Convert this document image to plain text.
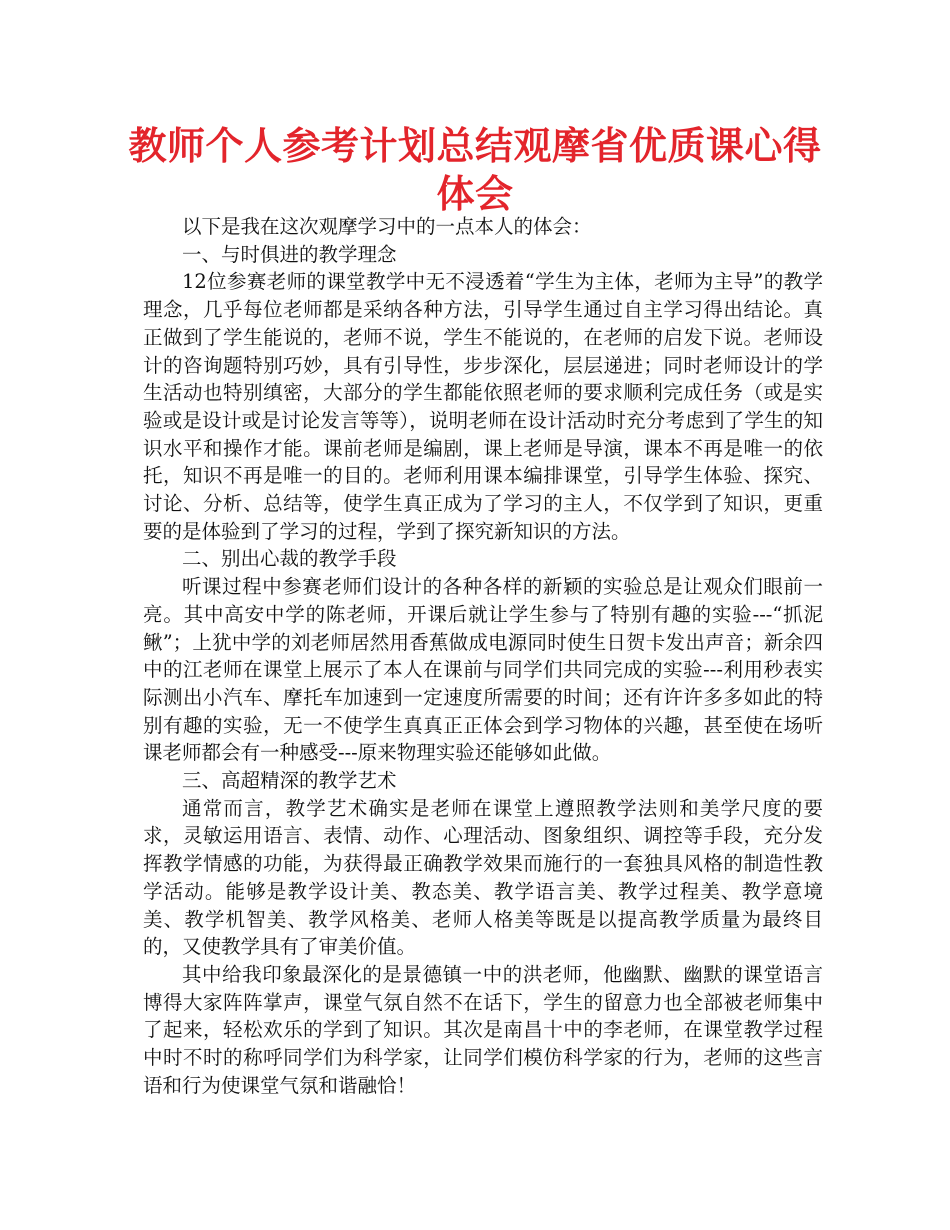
教师个人参考计划总结观摩省优质课心得体会

以下是我在这次观摩学习中的一点本人的体会：

一、与时俱进的教学理念

12位参赛老师的课堂教学中无不浸透着“学生为主体，老师为主导”的教学理念，几乎每位老师都是采纳各种方法，引导学生通过自主学习得出结论。真正做到了学生能说的，老师不说，学生不能说的，在老师的启发下说。老师设计的咨询题特别巧妙，具有引导性，步步深化，层层递进；同时老师设计的学生活动也特别缜密，大部分的学生都能依照老师的要求顺利完成任务（或是实验或是设计或是讨论发言等等），说明老师在设计活动时充分考虑到了学生的知识水平和操作才能。课前老师是编剧，课上老师是导演，课本不再是唯一的依托，知识不再是唯一的目的。老师利用课本编排课堂，引导学生体验、探究、讨论、分析、总结等，使学生真正成为了学习的主人，不仅学到了知识，更重要的是体验到了学习的过程，学到了探究新知识的方法。

二、别出心裁的教学手段

听课过程中参赛老师们设计的各种各样的新颖的实验总是让观众们眼前一亮。其中高安中学的陈老师，开课后就让学生参与了特别有趣的实验---“抓泥鳅”；上犹中学的刘老师居然用香蕉做成电源同时使生日贺卡发出声音；新余四中的江老师在课堂上展示了本人在课前与同学们共同完成的实验---利用秒表实际测出小汽车、摩托车加速到一定速度所需要的时间；还有许许多多如此的特别有趣的实验，无一不使学生真真正正体会到学习物体的兴趣，甚至使在场听课老师都会有一种感受---原来物理实验还能够如此做。

三、高超精深的教学艺术

通常而言，教学艺术确实是老师在课堂上遵照教学法则和美学尺度的要求，灵敏运用语言、表情、动作、心理活动、图象组织、调控等手段，充分发挥教学情感的功能，为获得最正确教学效果而施行的一套独具风格的制造性教学活动。能够是教学设计美、教态美、教学语言美、教学过程美、教学意境美、教学机智美、教学风格美、老师人格美等既是以提高教学质量为最终目的，又使教学具有了审美价值。

其中给我印象最深化的是景德镇一中的洪老师，他幽默、幽默的课堂语言博得大家阵阵掌声，课堂气氛自然不在话下，学生的留意力也全部被老师集中了起来，轻松欢乐的学到了知识。其次是南昌十中的李老师，在课堂教学过程中时不时的称呼同学们为科学家，让同学们模仿科学家的行为，老师的这些言语和行为使课堂气氛和谐融恰！
